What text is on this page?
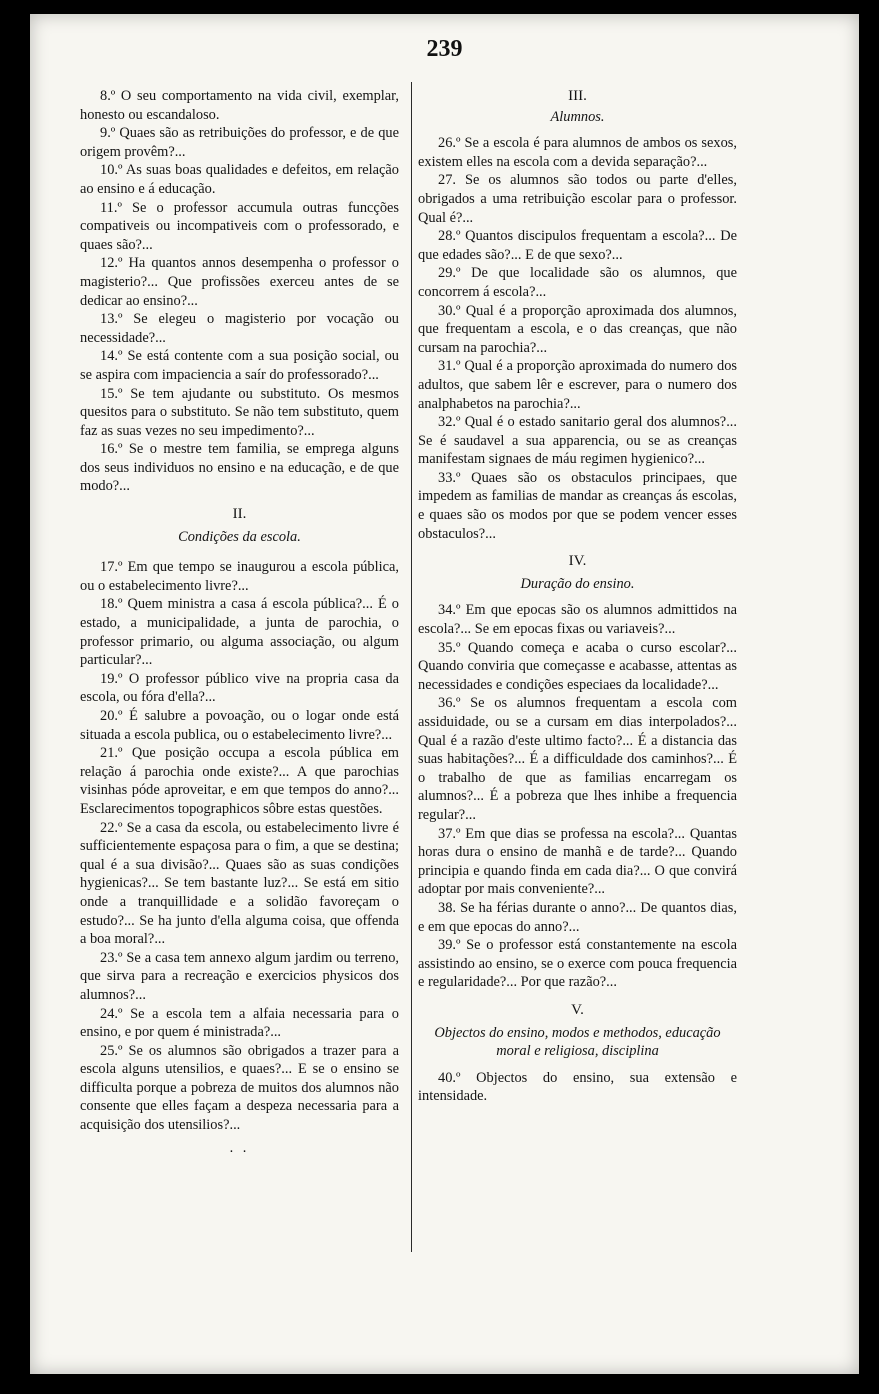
239

8.º O seu comportamento na vida civil, exemplar, honesto ou escandaloso.

9.º Quaes são as retribuições do professor, e de que origem provêm?...

10.º As suas boas qualidades e defeitos, em relação ao ensino e á educação.

11.º Se o professor accumula outras funcções compativeis ou incompativeis com o professorado, e quaes são?...

12.º Ha quantos annos desempenha o professor o magisterio?... Que profissões exerceu antes de se dedicar ao ensino?...

13.º Se elegeu o magisterio por vocação ou necessidade?...

14.º Se está contente com a sua posição social, ou se aspira com impaciencia a saír do professorado?...

15.º Se tem ajudante ou substituto. Os mesmos quesitos para o substituto. Se não tem substituto, quem faz as suas vezes no seu impedimento?...

16.º Se o mestre tem familia, se emprega alguns dos seus individuos no ensino e na educação, e de que modo?...

II.
Condições da escola.

17.º Em que tempo se inaugurou a escola pública, ou o estabelecimento livre?...

18.º Quem ministra a casa á escola pública?... É o estado, a municipalidade, a junta de parochia, o professor primario, ou alguma associação, ou algum particular?...

19.º O professor público vive na propria casa da escola, ou fóra d'ella?...

20.º É salubre a povoação, ou o logar onde está situada a escola publica, ou o estabelecimento livre?...

21.º Que posição occupa a escola pública em relação á parochia onde existe?... A que parochias visinhas póde aproveitar, e em que tempos do anno?... Esclarecimentos topographicos sôbre estas questões.

22.º Se a casa da escola, ou estabelecimento livre é sufficientemente espaçosa para o fim, a que se destina; qual é a sua divisão?... Quaes são as suas condições hygienicas?... Se tem bastante luz?... Se está em sitio onde a tranquillidade e a solidão favoreçam o estudo?... Se ha junto d'ella alguma coisa, que offenda a boa moral?...

23.º Se a casa tem annexo algum jardim ou terreno, que sirva para a recreação e exercicios physicos dos alumnos?...

24.º Se a escola tem a alfaia necessaria para o ensino, e por quem é ministrada?...

25.º Se os alumnos são obrigados a trazer para a escola alguns utensilios, e quaes?... E se o ensino se difficulta porque a pobreza de muitos dos alumnos não consente que elles façam a despeza necessaria para a acquisição dos utensilios?...

. .
III.
Alumnos.

26.º Se a escola é para alumnos de ambos os sexos, existem elles na escola com a devida separação?...

27. Se os alumnos são todos ou parte d'elles, obrigados a uma retribuição escolar para o professor. Qual é?...

28.º Quantos discipulos frequentam a escola?... De que edades são?... E de que sexo?...

29.º De que localidade são os alumnos, que concorrem á escola?...

30.º Qual é a proporção aproximada dos alumnos, que frequentam a escola, e o das creanças, que não cursam na parochia?...

31.º Qual é a proporção aproximada do numero dos adultos, que sabem lêr e escrever, para o numero dos analphabetos na parochia?...

32.º Qual é o estado sanitario geral dos alumnos?... Se é saudavel a sua apparencia, ou se as creanças manifestam signaes de máu regimen hygienico?...

33.º Quaes são os obstaculos principaes, que impedem as familias de mandar as creanças ás escolas, e quaes são os modos por que se podem vencer esses obstaculos?...

IV.
Duração do ensino.

34.º Em que epocas são os alumnos admittidos na escola?... Se em epocas fixas ou variaveis?...

35.º Quando começa e acaba o curso escolar?... Quando conviria que começasse e acabasse, attentas as necessidades e condições especiaes da localidade?...

36.º Se os alumnos frequentam a escola com assiduidade, ou se a cursam em dias interpolados?... Qual é a razão d'este ultimo facto?... É a distancia das suas habitações?... É a difficuldade dos caminhos?... É o trabalho de que as familias encarregam os alumnos?... É a pobreza que lhes inhibe a frequencia regular?...

37.º Em que dias se professa na escola?... Quantas horas dura o ensino de manhã e de tarde?... Quando principia e quando finda em cada dia?... O que convirá adoptar por mais conveniente?...

38. Se ha férias durante o anno?... De quantos dias, e em que epocas do anno?...

39.º Se o professor está constantemente na escola assistindo ao ensino, se o exerce com pouca frequencia e regularidade?... Por que razão?...

V.
Objectos do ensino, modos e methodos, educação moral e religiosa, disciplina

40.º Objectos do ensino, sua extensão e intensidade.
